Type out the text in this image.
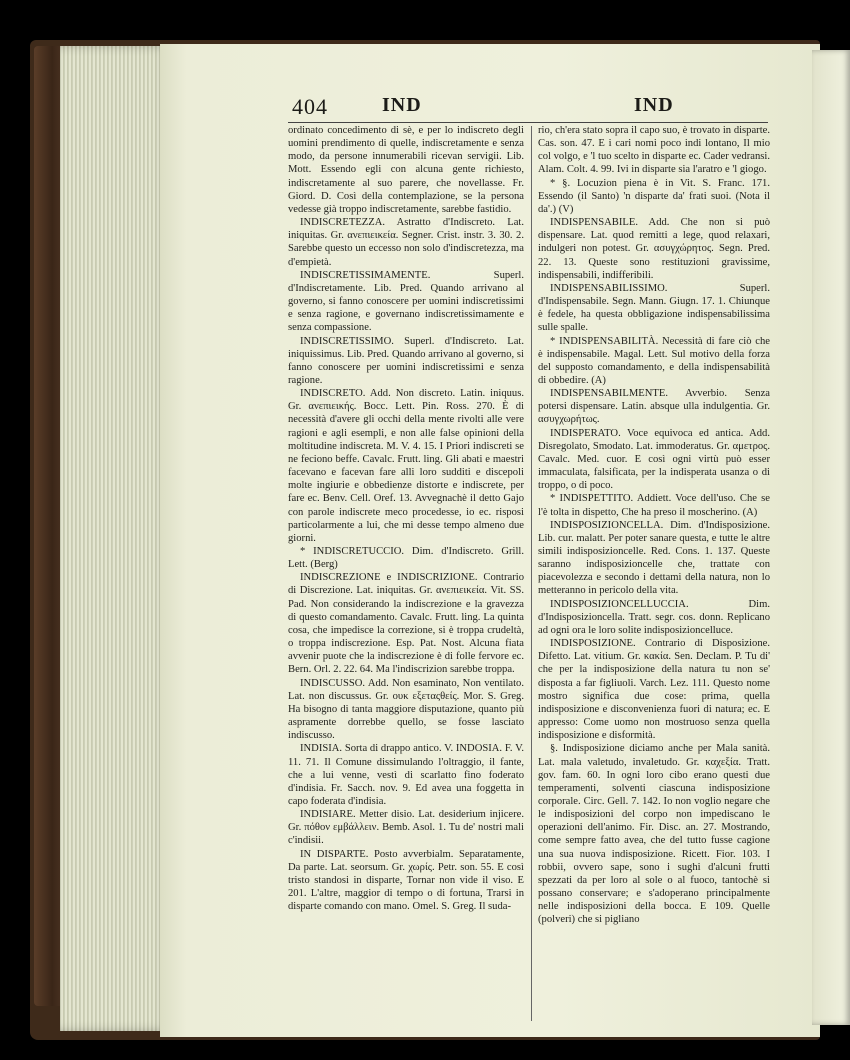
404	IND	IND

ordinato concedimento di sè, e per lo indiscreto degli uomini prendimento di quelle, indiscretamente e senza modo, da persone innumerabili ricevan servigii. Lib. Mott. Essendo egli con alcuna gente richiesto, indiscretamente al suo parere, che novellasse. Fr. Giord. D. Così della contemplazione, se la persona vedesse già troppo indiscretamente, sarebbe fastidio.

INDISCRETEZZA. Astratto d'Indiscreto. Lat. iniquitas. Gr. ανεπιεικεία. Segner. Crist. instr. 3. 30. 2. Sarebbe questo un eccesso non solo d'indiscretezza, ma d'empietà.

INDISCRETISSIMAMENTE. Superl. d'Indiscretamente. Lib. Pred. Quando arrivano al governo, si fanno conoscere per uomini indiscretissimi e senza ragione, e governano indiscretissimamente e senza compassione.

INDISCRETISSIMO. Superl. d'Indiscreto. Lat. iniquissimus. Lib. Pred. Quando arrivano al governo, si fanno conoscere per uomini indiscretissimi e senza ragione.

INDISCRETO. Add. Non discreto. Latin. iniquus. Gr. ανεπιεικής. Bocc. Lett. Pin. Ross. 270. È di necessità d'avere gli occhi della mente rivolti alle vere ragioni e agli esempli, e non alle false opinioni della moltitudine indiscreta. M. V. 4. 15. I Priori indiscreti se ne feciono beffe. Cavalc. Frutt. ling. Gli abati e maestri facevano e facevan fare alli loro sudditi e discepoli molte ingiurie e obbedienze distorte e indiscrete, per fare ec. Benv. Cell. Oref. 13. Avvegnachè il detto Gajo con parole indiscrete meco procedesse, io ec. risposi particolarmente a lui, che mi desse tempo almeno due giorni.

* INDISCRETUCCIO. Dim. d'Indiscreto. Grill. Lett. (Berg)

INDISCREZIONE e INDISCRIZIONE. Contrario di Discrezione. Lat. iniquitas. Gr. ανεπιεικεία. Vit. SS. Pad. Non considerando la indiscrezione e la gravezza di questo comandamento. Cavalc. Frutt. ling. La quinta cosa, che impedisce la correzione, si è troppa crudeltà, o troppa indiscrezione. Esp. Pat. Nost. Alcuna fiata avvenir puote che la indiscrezione è di folle fervore ec. Bern. Orl. 2. 22. 64. Ma l'indiscrizion sarebbe troppa.

INDISCUSSO. Add. Non esaminato, Non ventilato. Lat. non discussus. Gr. ουκ εξεταςθείς. Mor. S. Greg. Ha bisogno di tanta maggiore disputazione, quanto più aspramente dorrebbe quello, se fosse lasciato indiscusso.

INDISIA. Sorta di drappo antico. V. INDOSIA. F. V. 11. 71. Il Comune dissimulando l'oltraggio, il fante, che a lui venne, vestì di scarlatto fino foderato d'indisia. Fr. Sacch. nov. 9. Ed avea una foggetta in capo foderata d'indisia.

INDISIARE. Metter disio. Lat. desiderium injicere. Gr. πόθον εμβάλλειν. Bemb. Asol. 1. Tu de' nostri mali c'indisii.

IN DISPARTE. Posto avverbialm. Separatamente, Da parte. Lat. seorsum. Gr. χωρίς. Petr. son. 55. E così tristo standosi in disparte, Tornar non vide il viso. E 201. L'altre, maggior di tempo o di fortuna, Trarsi in disparte comando con mano. Omel. S. Greg. Il suda-

rio, ch'era stato sopra il capo suo, è trovato in disparte. Cas. son. 47. E i cari nomi poco indi lontano, Il mio col volgo, e 'l tuo scelto in disparte ec. Cader vedransi. Alam. Colt. 4. 99. Ivi in disparte sia l'aratro e 'l giogo.

* §. Locuzion piena è in Vit. S. Franc. 171. Essendo (il Santo) 'n disparte da' frati suoi. (Nota il da'.) (V)

INDISPENSABILE. Add. Che non si può dispensare. Lat. quod remitti a lege, quod relaxari, indulgeri non potest. Gr. ασυγχώρητος. Segn. Pred. 22. 13. Queste sono restituzioni gravissime, indispensabili, indifferibili.

INDISPENSABILISSIMO. Superl. d'Indispensabile. Segn. Mann. Giugn. 17. 1. Chiunque è fedele, ha questa obbligazione indispensabilissima sulle spalle.

* INDISPENSABILITÀ. Necessità di fare ciò che è indispensabile. Magal. Lett. Sul motivo della forza del supposto comandamento, e della indispensabilità di obbedire. (A)

INDISPENSABILMENTE. Avverbio. Senza potersi dispensare. Latin. absque ulla indulgentia. Gr. ασυγχωρήτως.

INDISPERATO. Voce equivoca ed antica. Add. Disregolato, Smodato. Lat. immoderatus. Gr. αμετρος. Cavalc. Med. cuor. E così ogni virtù può esser immaculata, falsificata, per la indisperata usanza o di troppo, o di poco.

* INDISPETTITO. Addiett. Voce dell'uso. Che se l'è tolta in dispetto, Che ha preso il moscherino. (A)

INDISPOSIZIONCELLA. Dim. d'Indisposizione. Lib. cur. malatt. Per poter sanare questa, e tutte le altre simili indisposizioncelle. Red. Cons. 1. 137. Queste saranno indisposizioncelle che, trattate con piacevolezza e secondo i dettami della natura, non lo metteranno in pericolo della vita.

INDISPOSIZIONCELLUCCIA. Dim. d'Indisposizioncella. Tratt. segr. cos. donn. Replicano ad ogni ora le loro solite indisposizioncelluce.

INDISPOSIZIONE. Contrario di Disposizione. Difetto. Lat. vitium. Gr. κακία. Sen. Declam. P. Tu di' che per la indisposizione della natura tu non se' disposta a far figliuoli. Varch. Lez. 111. Questo nome mostro significa due cose: prima, quella indisposizione e disconvenienza fuori di natura; ec. E appresso: Come uomo non mostruoso senza quella indisposizione e disformità.

§. Indisposizione diciamo anche per Mala sanità. Lat. mala valetudo, invaletudo. Gr. καχεξία. Tratt. gov. fam. 60. In ogni loro cibo erano questi due temperamenti, solventi ciascuna indisposizione corporale. Circ. Gell. 7. 142. Io non voglio negare che le indisposizioni del corpo non impediscano le operazioni dell'animo. Fir. Disc. an. 27. Mostrando, come sempre fatto avea, che del tutto fusse cagione una sua nuova indisposizione. Ricett. Fior. 103. I robbii, ovvero sape, sono i sughi d'alcuni frutti spezzati da per loro al sole o al fuoco, tantochè si possano conservare; e s'adoperano principalmente nelle indisposizioni della bocca. E 109. Quelle (polveri) che si pigliano
